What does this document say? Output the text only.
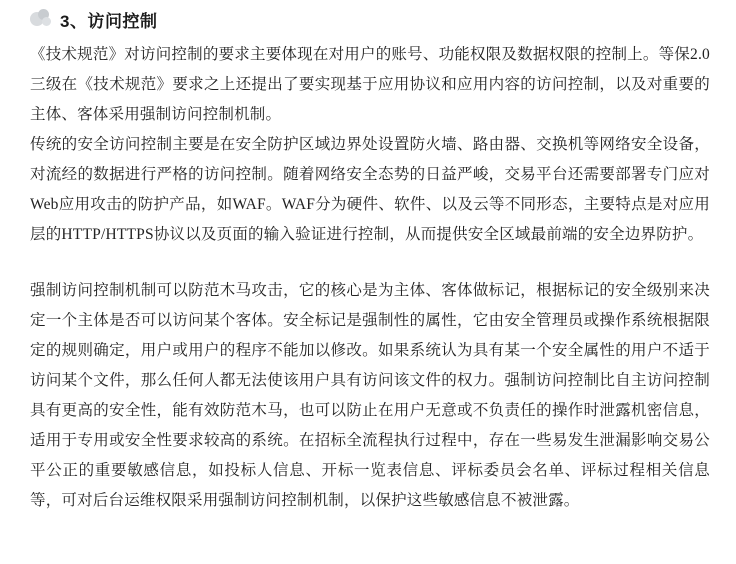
3、访问控制

《技术规范》对访问控制的要求主要体现在对用户的账号、功能权限及数据权限的控制上。等保2.0三级在《技术规范》要求之上还提出了要实现基于应用协议和应用内容的访问控制，以及对重要的主体、客体采用强制访问控制机制。

传统的安全访问控制主要是在安全防护区域边界处设置防火墙、路由器、交换机等网络安全设备，对流经的数据进行严格的访问控制。随着网络安全态势的日益严峻，交易平台还需要部署专门应对Web应用攻击的防护产品，如WAF。WAF分为硬件、软件、以及云等不同形态，主要特点是对应用层的HTTP/HTTPS协议以及页面的输入验证进行控制，从而提供安全区域最前端的安全边界防护。

强制访问控制机制可以防范木马攻击，它的核心是为主体、客体做标记，根据标记的安全级别来决定一个主体是否可以访问某个客体。安全标记是强制性的属性，它由安全管理员或操作系统根据限定的规则确定，用户或用户的程序不能加以修改。如果系统认为具有某一个安全属性的用户不适于访问某个文件，那么任何人都无法使该用户具有访问该文件的权力。强制访问控制比自主访问控制具有更高的安全性，能有效防范木马，也可以防止在用户无意或不负责任的操作时泄露机密信息，适用于专用或安全性要求较高的系统。在招标全流程执行过程中，存在一些易发生泄漏影响交易公平公正的重要敏感信息，如投标人信息、开标一览表信息、评标委员会名单、评标过程相关信息等，可对后台运维权限采用强制访问控制机制，以保护这些敏感信息不被泄露。
